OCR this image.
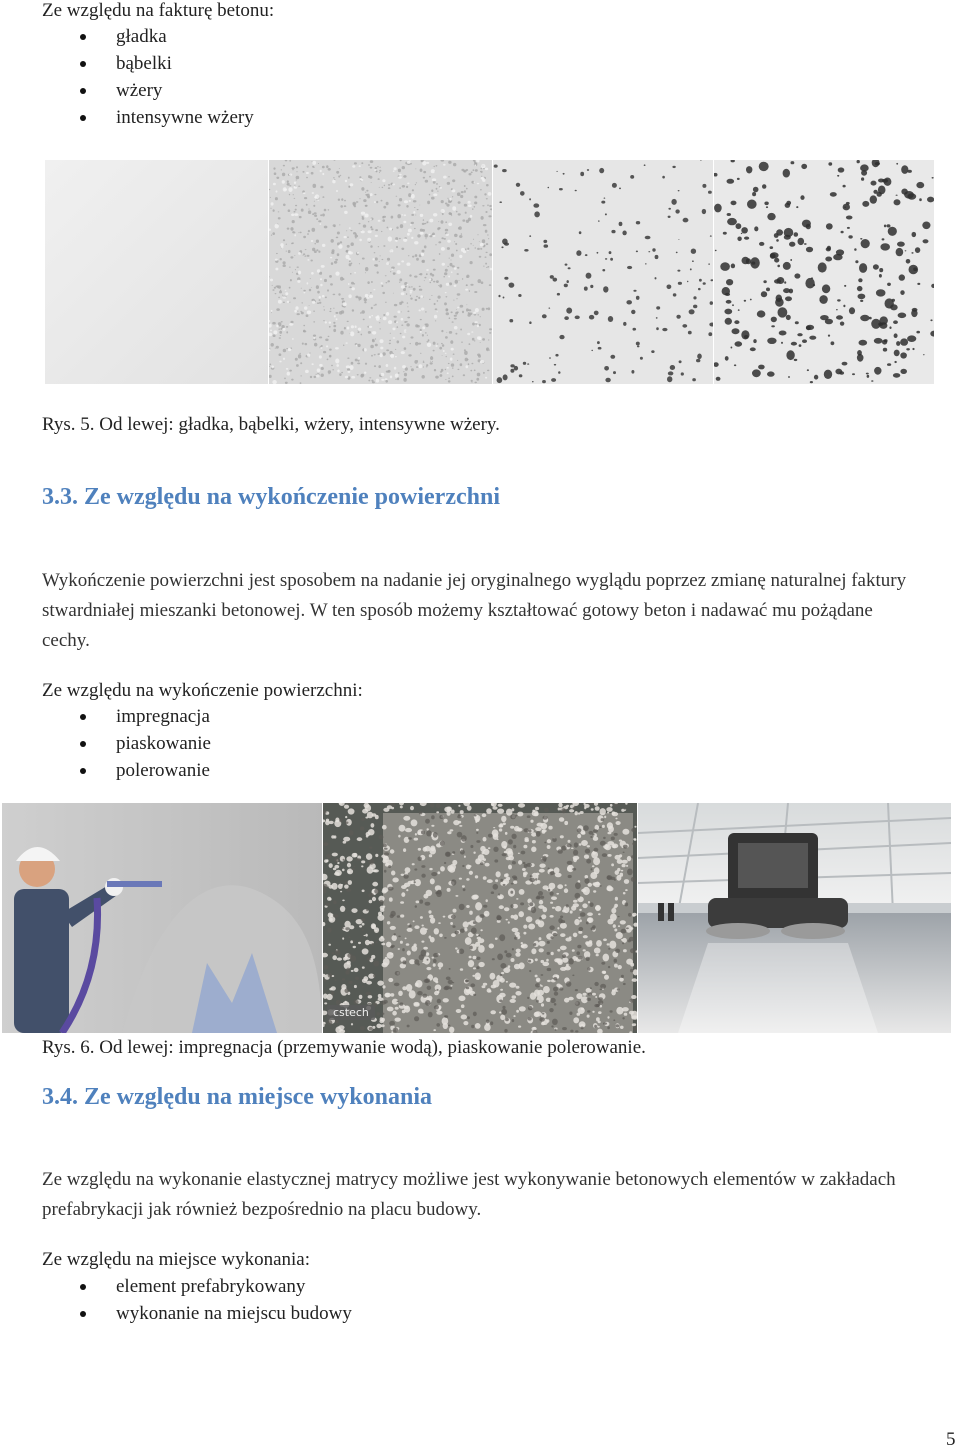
Ze względu na fakturę betonu:
gładka
bąbelki
wżery
intensywne wżery
Rys. 5. Od lewej: gładka, bąbelki, wżery, intensywne wżery.
3.3. Ze względu na wykończenie powierzchni
Wykończenie powierzchni jest sposobem na nadanie jej oryginalnego wyglądu poprzez zmianę naturalnej faktury stwardniałej mieszanki betonowej. W ten sposób możemy kształtować gotowy beton i nadawać mu pożądane cechy.
Ze względu na wykończenie powierzchni:
impregnacja
piaskowanie
polerowanie
cstech
Rys. 6. Od lewej: impregnacja (przemywanie wodą), piaskowanie polerowanie.
3.4. Ze względu na miejsce wykonania
Ze względu na wykonanie elastycznej matrycy możliwe jest wykonywanie betonowych elementów w zakładach prefabrykacji jak również bezpośrednio na placu budowy.
Ze względu na miejsce wykonania:
element prefabrykowany
wykonanie na miejscu budowy
5
